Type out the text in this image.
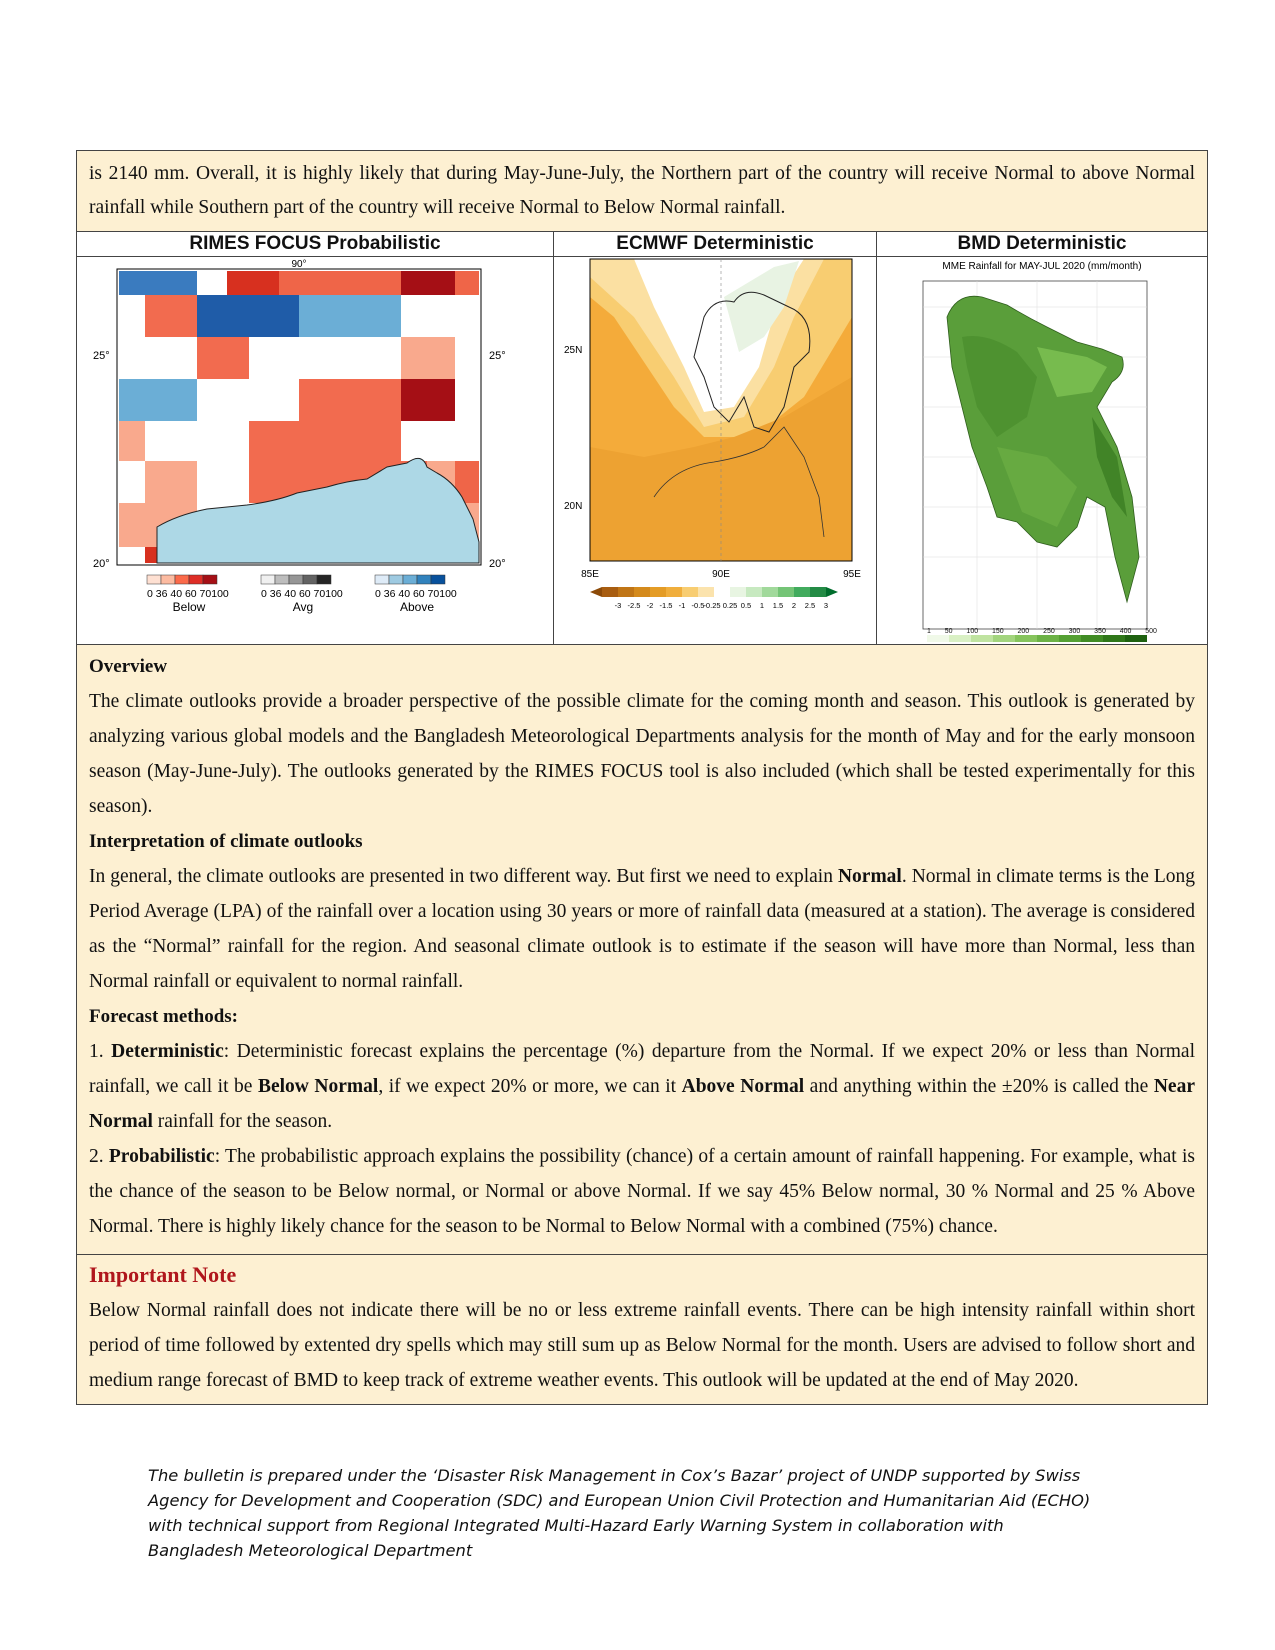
is 2140 mm. Overall, it is highly likely that during May-June-July, the Northern part of the country will receive Normal to above Normal rainfall while Southern part of the country will receive Normal to Below Normal rainfall.
RIMES FOCUS Probabilistic
90°
25°	25°
20°	20°
0 36 40 60 70100
Below
0 36 40 60 70100
Avg
0 36 40 60 70100
Above
ECMWF Deterministic
25N
20N
85E	90E	95E
-3 -2.5 -2 -1.5 -1 -0.5
-0.25 0.25 0.5 1 1.5 2 2.5 3
BMD Deterministic
MME Rainfall for MAY-JUL 2020 (mm/month)
1 50 100 150 200 250 300 350 400 500

Overview

The climate outlooks provide a broader perspective of the possible climate for the coming month and season. This outlook is generated by analyzing various global models and the Bangladesh Meteorological Departments analysis for the month of May and for the early monsoon season (May-June-July). The outlooks generated by the RIMES FOCUS tool is also included (which shall be tested experimentally for this season).

Interpretation of climate outlooks

In general, the climate outlooks are presented in two different way. But first we need to explain Normal. Normal in climate terms is the Long Period Average (LPA) of the rainfall over a location using 30 years or more of rainfall data (measured at a station). The average is considered as the “Normal” rainfall for the region. And seasonal climate outlook is to estimate if the season will have more than Normal, less than Normal rainfall or equivalent to normal rainfall.

Forecast methods:

1. Deterministic: Deterministic forecast explains the percentage (%) departure from the Normal. If we expect 20% or less than Normal rainfall, we call it be Below Normal, if we expect 20% or more, we can it Above Normal and anything within the ±20% is called the Near Normal rainfall for the season.

2. Probabilistic: The probabilistic approach explains the possibility (chance) of a certain amount of rainfall happening. For example, what is the chance of the season to be Below normal, or Normal or above Normal. If we say 45% Below normal, 30 % Normal and 25 % Above Normal. There is highly likely chance for the season to be Normal to Below Normal with a combined (75%) chance.

Important Note
Below Normal rainfall does not indicate there will be no or less extreme rainfall events. There can be high intensity rainfall within short period of time followed by extented dry spells which may still sum up as Below Normal for the month. Users are advised to follow short and medium range forecast of BMD to keep track of extreme weather events. This outlook will be updated at the end of May 2020.
The bulletin is prepared under the ‘Disaster Risk Management in Cox’s Bazar’ project of UNDP supported by Swiss
Agency for Development and Cooperation (SDC) and European Union Civil Protection and Humanitarian Aid (ECHO)
with technical support from Regional Integrated Multi-Hazard Early Warning System in collaboration with
Bangladesh Meteorological Department
